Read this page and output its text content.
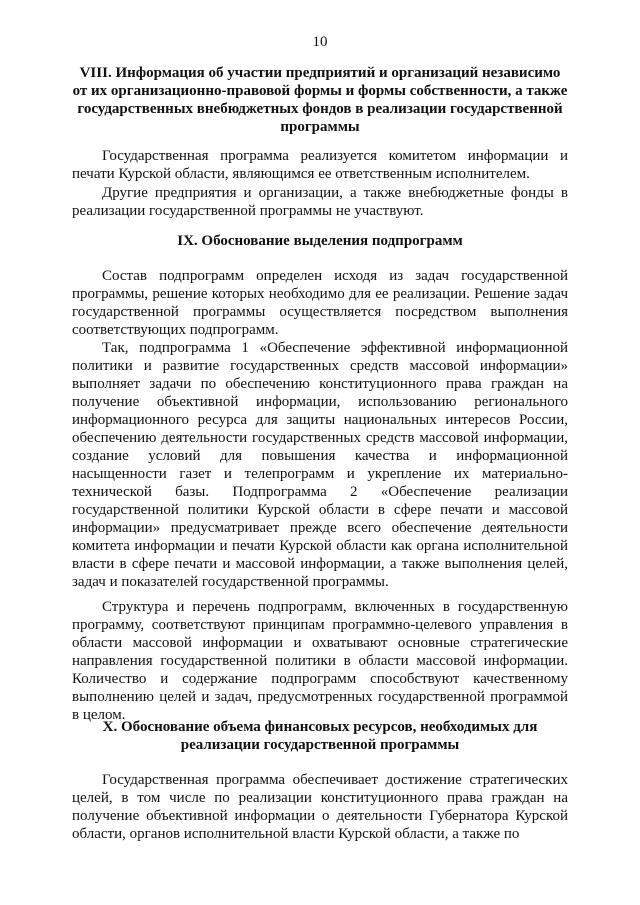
10
VIII. Информация об участии предприятий и организаций независимо от их организационно-правовой формы и формы собственности, а также государственных внебюджетных фондов в реализации государственной программы

Государственная программа реализуется комитетом информации и печати Курской области, являющимся ее ответственным исполнителем.

Другие предприятия и организации, а также внебюджетные фонды в реализации государственной программы не участвуют.

IX. Обоснование выделения подпрограмм

Состав подпрограмм определен исходя из задач государственной программы, решение которых необходимо для ее реализации. Решение задач государственной программы осуществляется посредством выполнения соответствующих подпрограмм.

Так, подпрограмма 1 «Обеспечение эффективной информационной политики и развитие государственных средств массовой информации» выполняет задачи по обеспечению конституционного права граждан на получение объективной информации, использованию регионального информационного ресурса для защиты национальных интересов России, обеспечению деятельности государственных средств массовой информации, создание условий для повышения качества и информационной насыщенности газет и телепрограмм и укрепление их материально-технической базы. Подпрограмма 2 «Обеспечение реализации государственной политики Курской области в сфере печати и массовой информации» предусматривает прежде всего обеспечение деятельности комитета информации и печати Курской области как органа исполнительной власти в сфере печати и массовой информации, а также выполнения целей, задач и показателей государственной программы.

Структура и перечень подпрограмм, включенных в государственную программу, соответствуют принципам программно-целевого управления в области массовой информации и охватывают основные стратегические направления государственной политики в области массовой информации. Количество и содержание подпрограмм способствуют качественному выполнению целей и задач, предусмотренных государственной программой в целом.

X. Обоснование объема финансовых ресурсов, необходимых для реализации государственной программы

Государственная программа обеспечивает достижение стратегических целей, в том числе по реализации конституционного права граждан на получение объективной информации о деятельности Губернатора Курской области, органов исполнительной власти Курской области, а также по
